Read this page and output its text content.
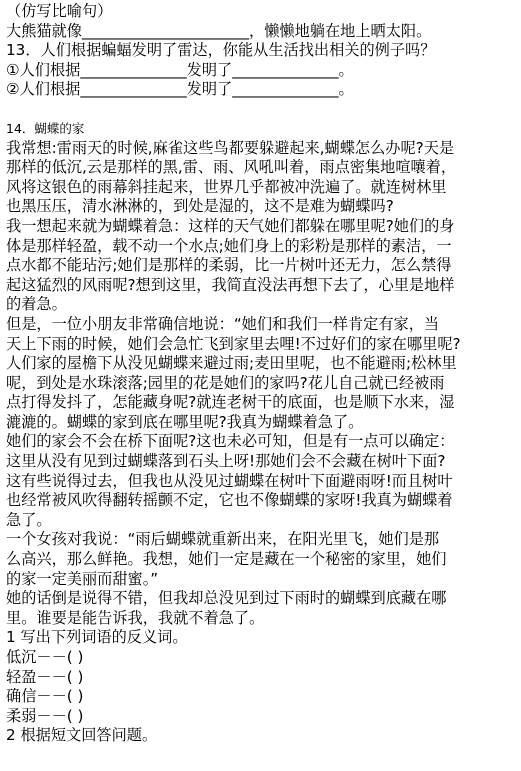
（仿写比喻句）
大熊猫就像______________________，懒懒地躺在地上晒太阳。
13．人们根据蝙蝠发明了雷达，你能从生活找出相关的例子吗？
①人们根据______________发明了______________。
②人们根据______________发明了______________。
14．蝴蝶的家
我常想:雷雨天的时候,麻雀这些鸟都要躲避起来,蝴蝶怎么办呢?天是
那样的低沉,云是那样的黑,雷、雨、风吼叫着，雨点密集地喧嚷着，
风将这银色的雨幕斜挂起来，世界几乎都被冲洗遍了。就连树林里
也黑压压，清水淋淋的，到处是湿的，这不是难为蝴蝶吗?
我一想起来就为蝴蝶着急：这样的天气她们都躲在哪里呢?她们的身
体是那样轻盈，载不动一个水点;她们身上的彩粉是那样的素洁，一
点水都不能玷污;她们是那样的柔弱，比一片树叶还无力，怎么禁得
起这猛烈的风雨呢?想到这里，我简直没法再想下去了，心里是地样
的着急。
但是，一位小朋友非常确信地说：“她们和我们一样肯定有家，当
天上下雨的时候，她们会急忙飞到家里去哩!不过好们的家在哪里呢?
人们家的屋檐下从没见蝴蝶来避过雨;麦田里呢，也不能避雨;松林里
呢，到处是水珠滚落;园里的花是她们的家吗?花儿自己就已经被雨
点打得发抖了，怎能藏身呢?就连老树干的底面，也是顺下水来，湿
漉漉的。蝴蝶的家到底在哪里呢?我真为蝴蝶着急了。
她们的家会不会在桥下面呢?这也未必可知，但是有一点可以确定：
这里从没有见到过蝴蝶落到石头上呀!那她们会不会藏在树叶下面?
这有些说得过去，但我也从没见过蝴蝶在树叶下面避雨呀!而且树叶
也经常被风吹得翻转摇颤不定，它也不像蝴蝶的家呀!我真为蝴蝶着
急了。
一个女孩对我说：“雨后蝴蝶就重新出来，在阳光里飞，她们是那
么高兴，那么鲜艳。我想，她们一定是藏在一个秘密的家里，她们
的家一定美丽而甜蜜。”
她的话倒是说得不错，但我却总没见到过下雨时的蝴蝶到底藏在哪
里。谁要是能告诉我，我就不着急了。
1 写出下列词语的反义词。
低沉－－( )
轻盈－－( )
确信－－( )
柔弱－－( )
2 根据短文回答问题。
